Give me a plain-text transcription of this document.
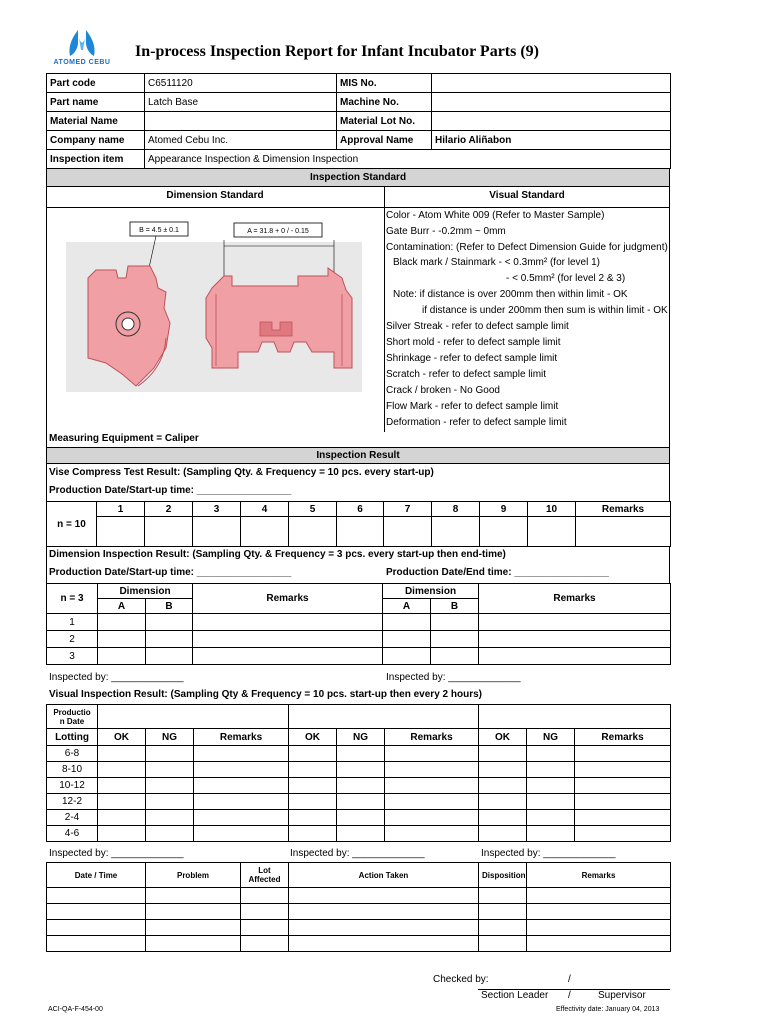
ATOMED CEBU
In-process Inspection Report for Infant Incubator Parts (9)
Part code	C6511120	MIS No.	
Part name	Latch Base	Machine No.	
Material Name		Material Lot No.	
Company name	Atomed Cebu Inc.	Approval Name	Hilario Aliñabon
Inspection item	Appearance Inspection & Dimension Inspection		
Inspection Standard
Dimension Standard	Visual Standard
B = 4.5 ± 0.1	A = 31.8 + 0 / - 0.15
Measuring Equipment = Caliper
Color - Atom White 009 (Refer to Master Sample)
Gate Burr - -0.2mm ~ 0mm
Contamination: (Refer to Defect Dimension Guide for judgment)
Black mark / Stainmark - < 0.3mm² (for level 1)
- < 0.5mm² (for level 2 & 3)
Note: if distance is over 200mm then within limit - OK
if distance is under 200mm then sum is within limit - OK
Silver Streak - refer to defect sample limit
Short mold - refer to defect sample limit
Shrinkage - refer to defect sample limit
Scratch - refer to defect sample limit
Crack / broken - No Good
Flow Mark - refer to defect sample limit
Deformation - refer to defect sample limit
Inspection Result
Vise Compress Test Result: (Sampling Qty. & Frequency = 10 pcs. every start-up)
Production Date/Start-up time: _________________
n = 10	1	2	3	4	5	6	7	8	9	10	Remarks

Dimension Inspection Result: (Sampling Qty. & Frequency = 3 pcs. every start-up then end-time)
Production Date/Start-up time: _________________	Production Date/End time: _________________
n = 3	Dimension		Remarks	Dimension		Remarks
	A	B		A	B	
1						
2						
3						
Inspected by: _____________	Inspected by: _____________
Visual Inspection Result: (Sampling Qty & Frequency = 10 pcs. start-up then every 2 hours)
Productio
n Date									
Lotting	OK	NG	Remarks	OK	NG	Remarks	OK	NG	Remarks
6-8									
8-10									
10-12									
12-2									
2-4									
4-6									
Inspected by: _____________	Inspected by: _____________	Inspected by: _____________
Date / Time	Problem	Lot Affected	Action Taken	Disposition	Remarks

Checked by:	/
Section Leader /	Supervisor
ACI-QA-F-454-00	Effectivity date: January 04, 2013
